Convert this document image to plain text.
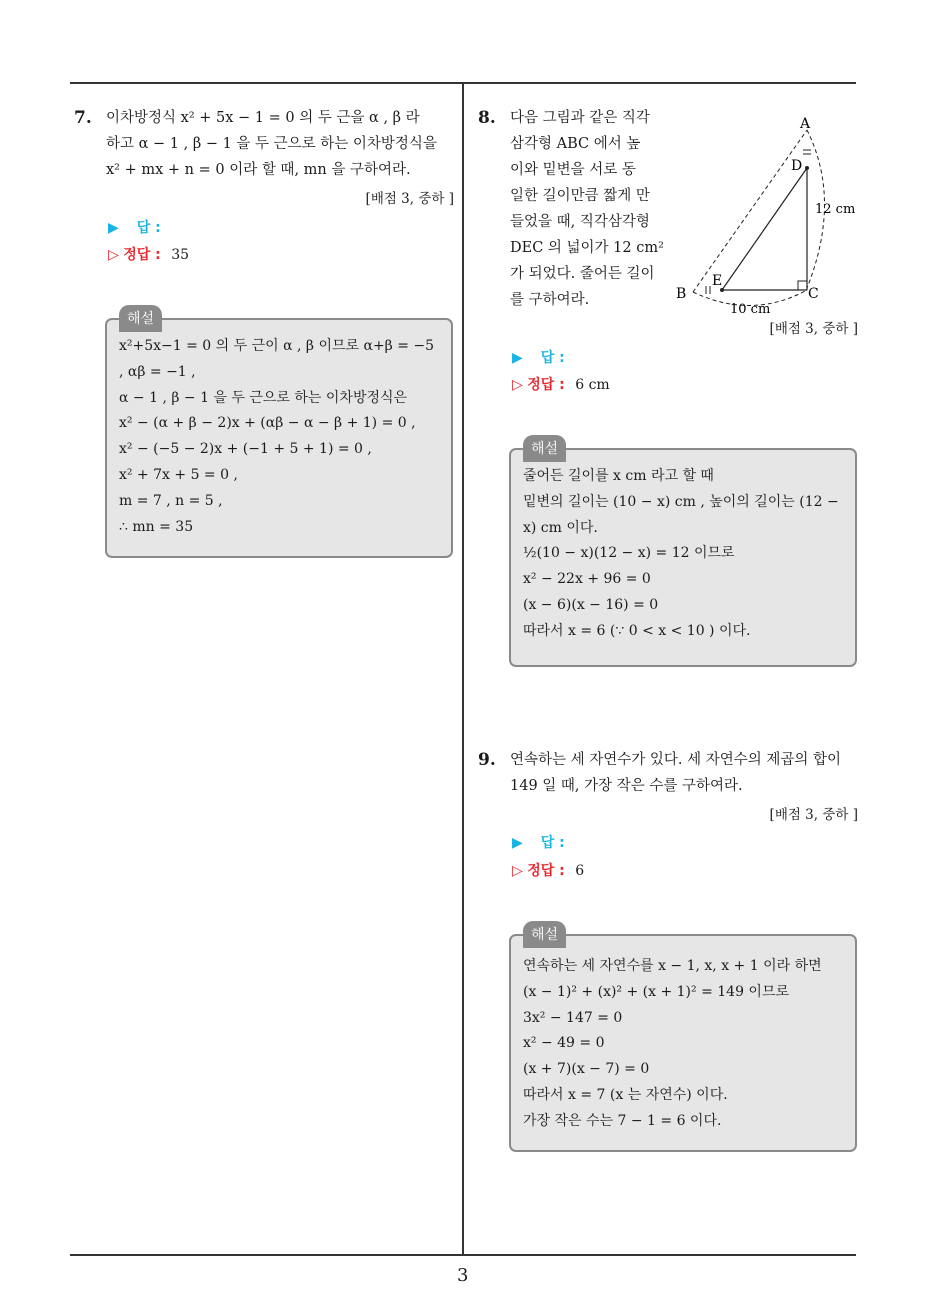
7. 이차방정식 x² + 5x − 1 = 0 의 두 근을 α , β 라
하고 α − 1 , β − 1 을 두 근으로 하는 이차방정식을
x² + mx + n = 0 이라 할 때, mn 을 구하여라.
[배점 3, 중하 ]
▶ 답 :
▷ 정답 : 35
x²+5x−1 = 0 의 두 근이 α , β 이므로 α+β = −5
, αβ = −1 ,
α − 1 , β − 1 을 두 근으로 하는 이차방정식은
x² − (α + β − 2)x + (αβ − α − β + 1) = 0 ,
x² − (−5 − 2)x + (−1 + 5 + 1) = 0 ,
x² + 7x + 5 = 0 ,
m = 7 , n = 5 ,
∴ mn = 35
해설
8. 다음 그림과 같은 직각
삼각형 ABC 에서 높
이와 밑변을 서로 동
일한 길이만큼 짧게 만
들었을 때, 직각삼각형
DEC 의 넓이가 12 cm²
가 되었다. 줄어든 길이
를 구하여라.
A
D
B
E
C
12 cm
10 cm
[배점 3, 중하 ]
▶ 답 :
▷ 정답 : 6 cm
줄어든 길이를 x cm 라고 할 때
밑변의 길이는 (10 − x) cm , 높이의 길이는 (12 −
x) cm 이다.
½(10 − x)(12 − x) = 12 이므로
x² − 22x + 96 = 0
(x − 6)(x − 16) = 0
따라서 x = 6 (∵ 0 < x < 10 ) 이다.
해설
9. 연속하는 세 자연수가 있다. 세 자연수의 제곱의 합이
149 일 때, 가장 작은 수를 구하여라.
[배점 3, 중하 ]
▶ 답 :
▷ 정답 : 6
연속하는 세 자연수를 x − 1, x, x + 1 이라 하면
(x − 1)² + (x)² + (x + 1)² = 149 이므로
3x² − 147 = 0
x² − 49 = 0
(x + 7)(x − 7) = 0
따라서 x = 7 (x 는 자연수) 이다.
가장 작은 수는 7 − 1 = 6 이다.
해설
3
